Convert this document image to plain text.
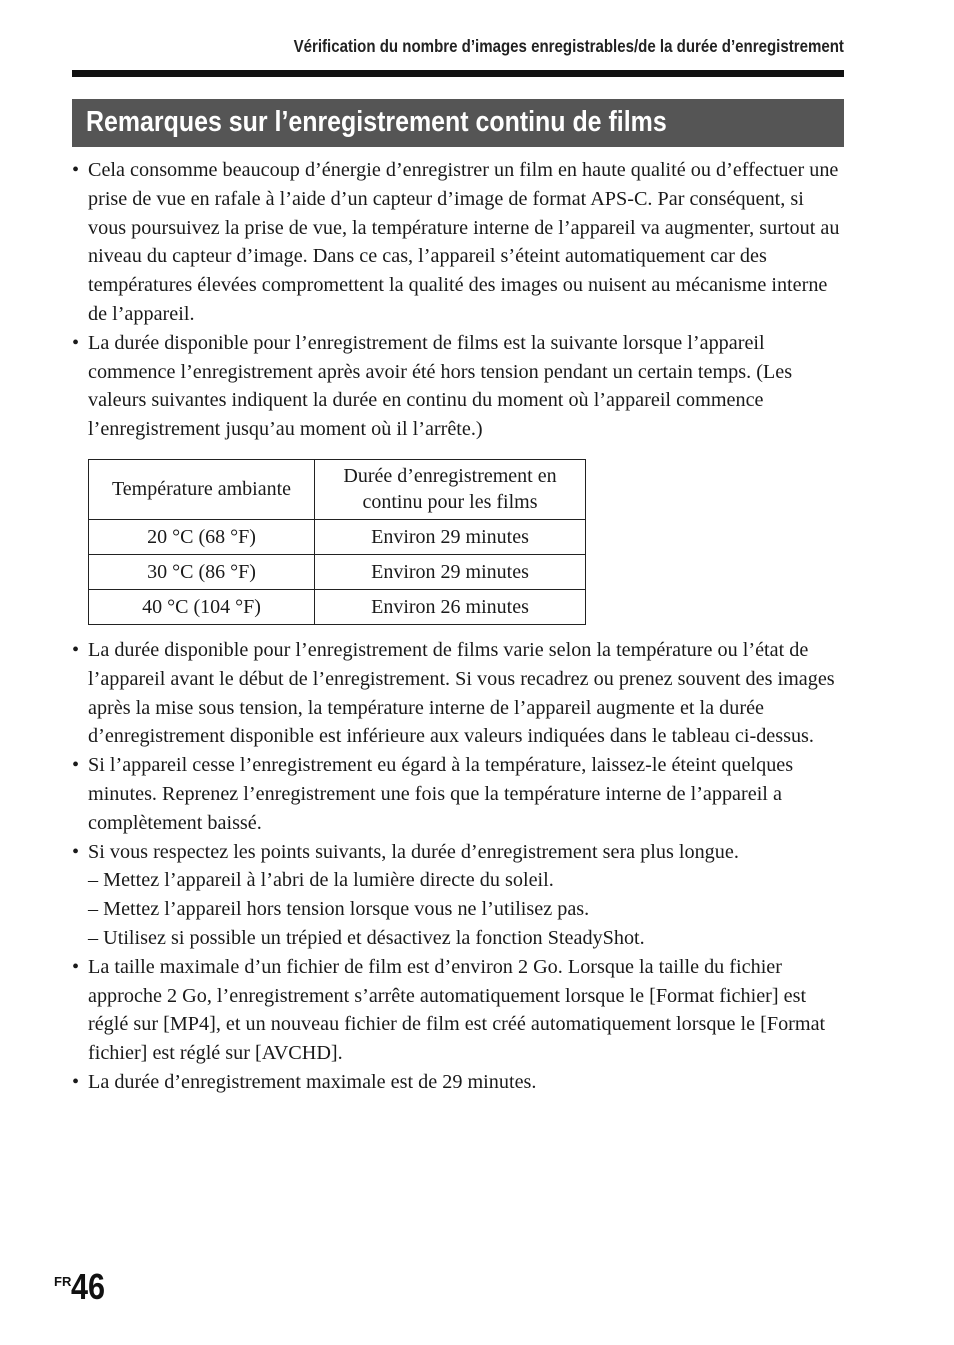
Vérification du nombre d’images enregistrables/de la durée d’enregistrement
Remarques sur l’enregistrement continu de films
• Cela consomme beaucoup d’énergie d’enregistrer un film en haute qualité ou d’effectuer une prise de vue en rafale à l’aide d’un capteur d’image de format APS-C. Par conséquent, si vous poursuivez la prise de vue, la température interne de l’appareil va augmenter, surtout au niveau du capteur d’image. Dans ce cas, l’appareil s’éteint automatiquement car des températures élevées compromettent la qualité des images ou nuisent au mécanisme interne de l’appareil.
• La durée disponible pour l’enregistrement de films est la suivante lorsque l’appareil commence l’enregistrement après avoir été hors tension pendant un certain temps. (Les valeurs suivantes indiquent la durée en continu du moment où l’appareil commence l’enregistrement jusqu’au moment où il l’arrête.)
Température ambiante	Durée d’enregistrement en continu pour les films
20 °C (68 °F)	Environ 29 minutes
30 °C (86 °F)	Environ 29 minutes
40 °C (104 °F)	Environ 26 minutes
• La durée disponible pour l’enregistrement de films varie selon la température ou l’état de l’appareil avant le début de l’enregistrement. Si vous recadrez ou prenez souvent des images après la mise sous tension, la température interne de l’appareil augmente et la durée d’enregistrement disponible est inférieure aux valeurs indiquées dans le tableau ci-dessus.
• Si l’appareil cesse l’enregistrement eu égard à la température, laissez-le éteint quelques minutes. Reprenez l’enregistrement une fois que la température interne de l’appareil a complètement baissé.
• Si vous respectez les points suivants, la durée d’enregistrement sera plus longue.
– Mettez l’appareil à l’abri de la lumière directe du soleil.
– Mettez l’appareil hors tension lorsque vous ne l’utilisez pas.
– Utilisez si possible un trépied et désactivez la fonction SteadyShot.
• La taille maximale d’un fichier de film est d’environ 2 Go. Lorsque la taille du fichier approche 2 Go, l’enregistrement s’arrête automatiquement lorsque le [Format fichier] est réglé sur [MP4], et un nouveau fichier de film est créé automatiquement lorsque le [Format fichier] est réglé sur [AVCHD].
• La durée d’enregistrement maximale est de 29 minutes.
$^{FR}$46
